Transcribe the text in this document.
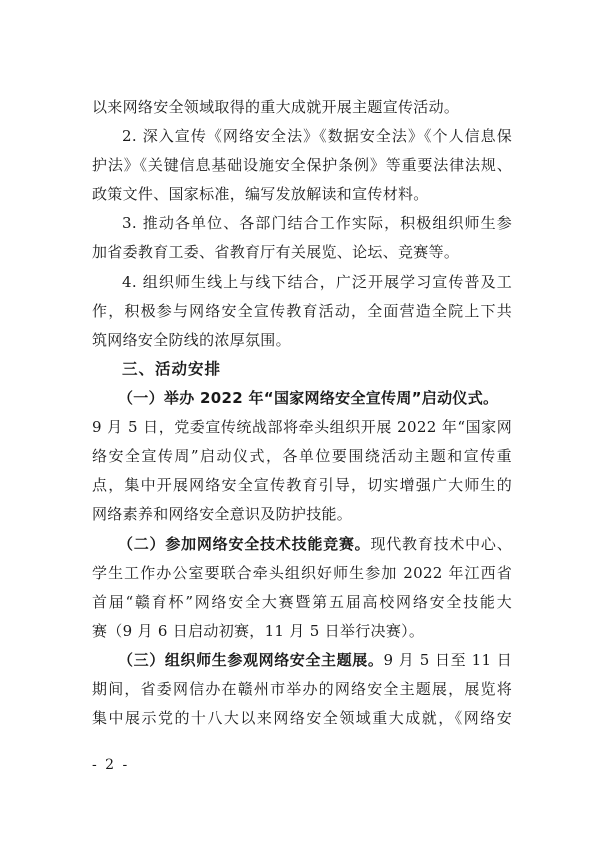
以来网络安全领域取得的重大成就开展主题宣传活动。
2. 深入宣传《网络安全法》《数据安全法》《个人信息保
护法》《关键信息基础设施安全保护条例》等重要法律法规、
政策文件、国家标准，编写发放解读和宣传材料。
3. 推动各单位、各部门结合工作实际，积极组织师生参
加省委教育工委、省教育厅有关展览、论坛、竞赛等。
4. 组织师生线上与线下结合，广泛开展学习宣传普及工
作，积极参与网络安全宣传教育活动，全面营造全院上下共
筑网络安全防线的浓厚氛围。
三、活动安排
（一）举办 2022 年“国家网络安全宣传周”启动仪式。
9 月 5 日，党委宣传统战部将牵头组织开展 2022 年“国家网
络安全宣传周”启动仪式，各单位要围绕活动主题和宣传重
点，集中开展网络安全宣传教育引导，切实增强广大师生的
网络素养和网络安全意识及防护技能。
（二）参加网络安全技术技能竞赛。现代教育技术中心、
学生工作办公室要联合牵头组织好师生参加 2022 年江西省
首届“赣育杯”网络安全大赛暨第五届高校网络安全技能大
赛（9 月 6 日启动初赛，11 月 5 日举行决赛）。
（三）组织师生参观网络安全主题展。9 月 5 日至 11 日
期间，省委网信办在赣州市举办的网络安全主题展，展览将
集中展示党的十八大以来网络安全领域重大成就，《网络安
- 2 -
